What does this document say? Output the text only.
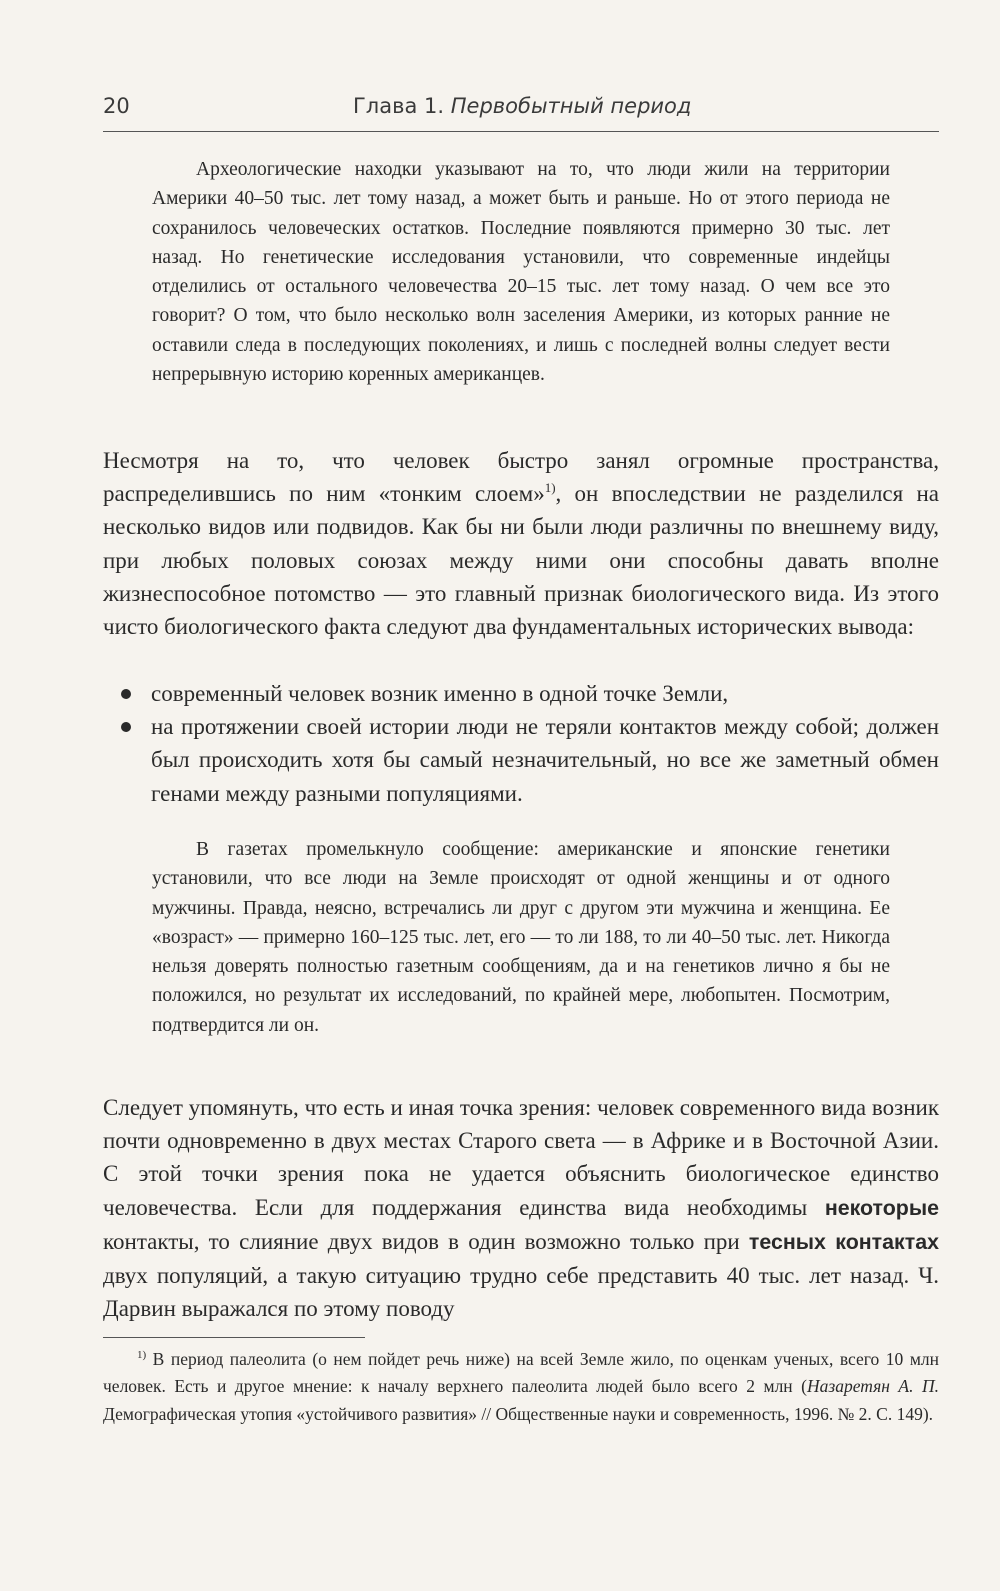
20	Глава 1. Первобытный период

Археологические находки указывают на то, что люди жили на территории Америки 40–50 тыс. лет тому назад, а может быть и раньше. Но от этого периода не сохранилось человеческих остатков. Последние появляются примерно 30 тыс. лет назад. Но генетические исследования установили, что современные индейцы отделились от остального человечества 20–15 тыс. лет тому назад. О чем все это говорит? О том, что было несколько волн заселения Америки, из которых ранние не оставили следа в последующих поколениях, и лишь с последней волны следует вести непрерывную историю коренных американцев.

Несмотря на то, что человек быстро занял огромные пространства, распределившись по ним «тонким слоем»$^{1)}$, он впоследствии не разделился на несколько видов или подвидов. Как бы ни были люди различны по внешнему виду, при любых половых союзах между ними они способны давать вполне жизнеспособное потомство — это главный признак биологического вида. Из этого чисто биологического факта следуют два фундаментальных исторических вывода:
современный человек возник именно в одной точке Земли,
на протяжении своей истории люди не теряли контактов между собой; должен был происходить хотя бы самый незначительный, но все же заметный обмен генами между разными популяциями.

В газетах промелькнуло сообщение: американские и японские генетики установили, что все люди на Земле происходят от одной женщины и от одного мужчины. Правда, неясно, встречались ли друг с другом эти мужчина и женщина. Ее «возраст» — примерно 160–125 тыс. лет, его — то ли 188, то ли 40–50 тыс. лет. Никогда нельзя доверять полностью газетным сообщениям, да и на генетиков лично я бы не положился, но результат их исследований, по крайней мере, любопытен. Посмотрим, подтвердится ли он.

Следует упомянуть, что есть и иная точка зрения: человек современного вида возник почти одновременно в двух местах Старого света — в Африке и в Восточной Азии. С этой точки зрения пока не удается объяснить биологическое единство человечества. Если для поддержания единства вида необходимы некоторые контакты, то слияние двух видов в один возможно только при тесных контактах двух популяций, а такую ситуацию трудно себе представить 40 тыс. лет назад. Ч. Дарвин выражался по этому поводу

$^{1)}$ В период палеолита (о нем пойдет речь ниже) на всей Земле жило, по оценкам ученых, всего 10 млн человек. Есть и другое мнение: к началу верхнего палеолита людей было всего 2 млн (Назаретян А. П. Демографическая утопия «устойчивого развития» // Общественные науки и современность, 1996. № 2. С. 149).
